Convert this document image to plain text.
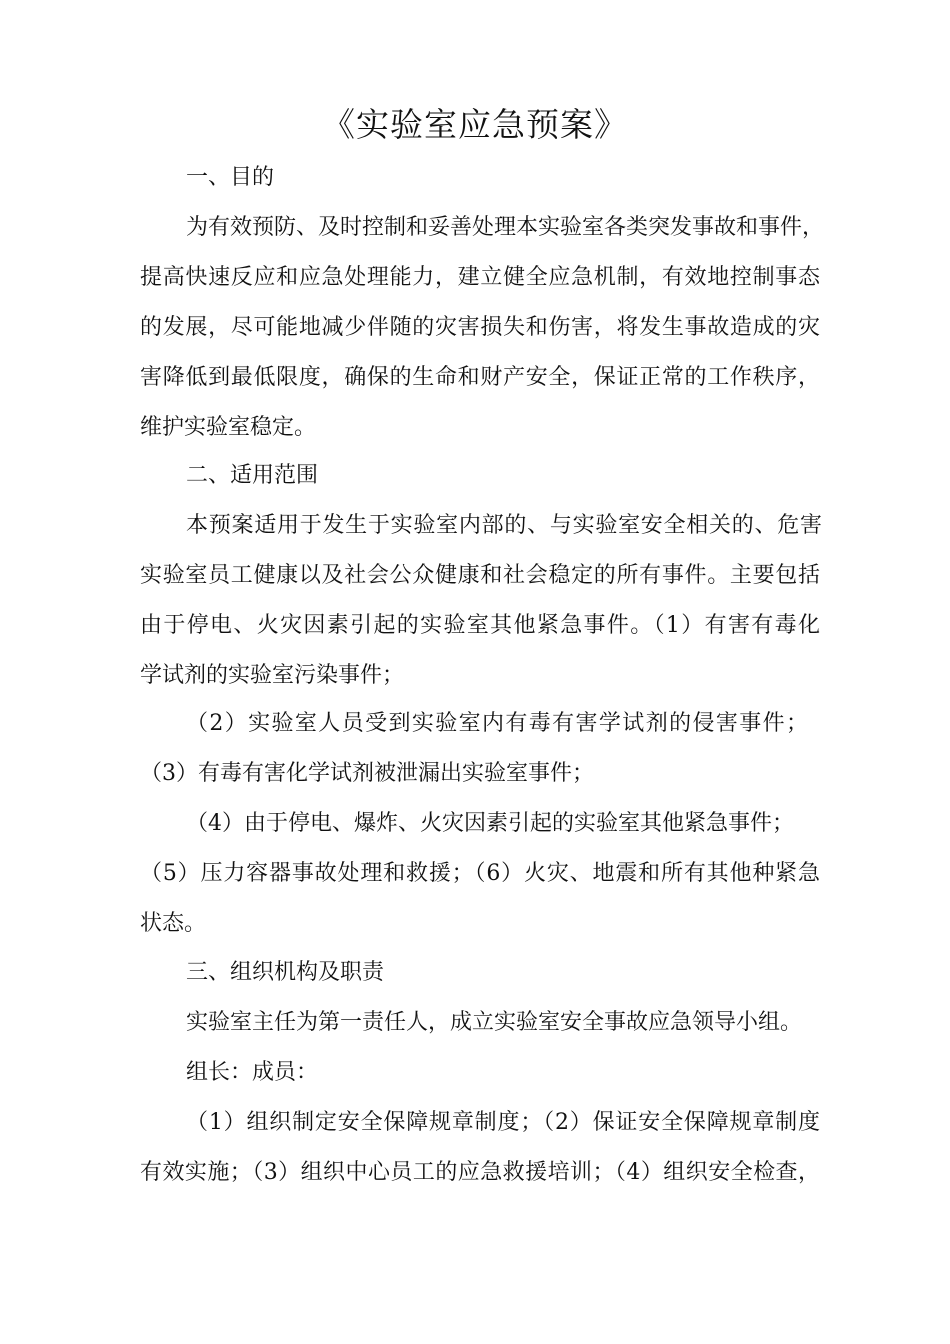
《实验室应急预案》
一、目的
为有效预防、及时控制和妥善处理本实验室各类突发事故和事件，
提高快速反应和应急处理能力，建立健全应急机制，有效地控制事态
的发展，尽可能地减少伴随的灾害损失和伤害，将发生事故造成的灾
害降低到最低限度，确保的生命和财产安全，保证正常的工作秩序，
维护实验室稳定。
二、适用范围
本预案适用于发生于实验室内部的、与实验室安全相关的、危害
实验室员工健康以及社会公众健康和社会稳定的所有事件。主要包括
由于停电、火灾因素引起的实验室其他紧急事件。（1）有害有毒化
学试剂的实验室污染事件；
（2）实验室人员受到实验室内有毒有害学试剂的侵害事件；
（3）有毒有害化学试剂被泄漏出实验室事件；
（4）由于停电、爆炸、火灾因素引起的实验室其他紧急事件；
（5）压力容器事故处理和救援；（6）火灾、地震和所有其他种紧急
状态。
三、组织机构及职责
实验室主任为第一责任人，成立实验室安全事故应急领导小组。
组长：成员：
（1）组织制定安全保障规章制度；（2）保证安全保障规章制度
有效实施；（3）组织中心员工的应急救援培训；（4）组织安全检查，
